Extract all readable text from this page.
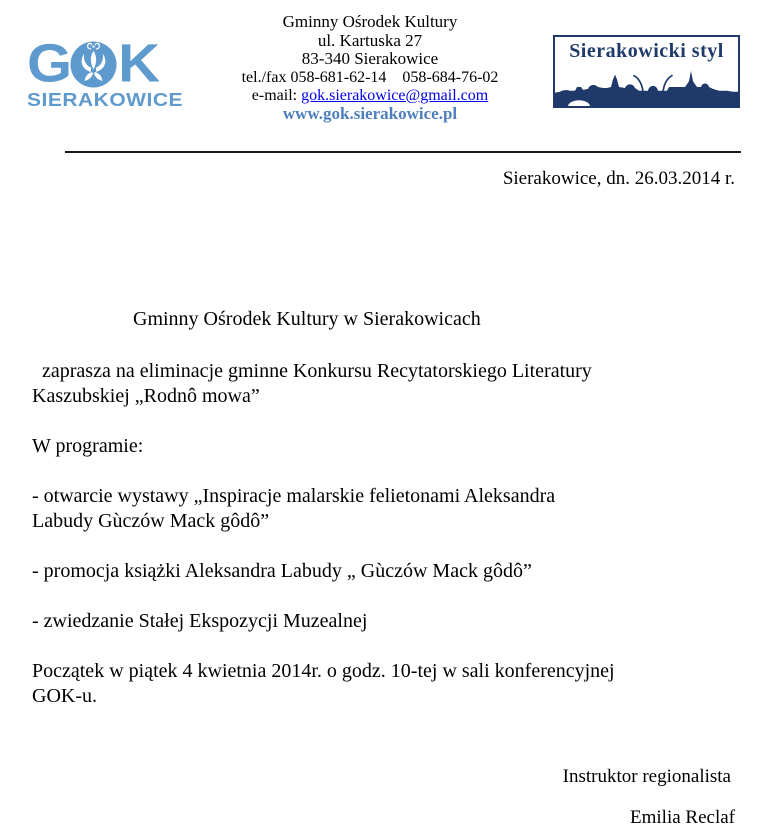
G K
SIERAKOWICE
Gminny Ośrodek Kultury
ul. Kartuska 27
83-340 Sierakowice
tel./fax 058-681-62-14    058-684-76-02
e-mail: gok.sierakowice@gmail.com
www.gok.sierakowice.pl
Sierakowicki styl
Sierakowice, dn. 26.03.2014 r.
Gminny Ośrodek Kultury w Sierakowicach
zaprasza na eliminacje gminne Konkursu Recytatorskiego Literatury
Kaszubskiej „Rodnô mowa”
W programie:
- otwarcie wystawy „Inspiracje malarskie felietonami Aleksandra
Labudy Gùczów Mack gôdô”
- promocja książki Aleksandra Labudy „ Gùczów Mack gôdô”
- zwiedzanie Stałej Ekspozycji Muzealnej
Początek w piątek 4 kwietnia 2014r. o godz. 10-tej w sali konferencyjnej
GOK-u.
Instruktor regionalista
Emilia Reclaf
